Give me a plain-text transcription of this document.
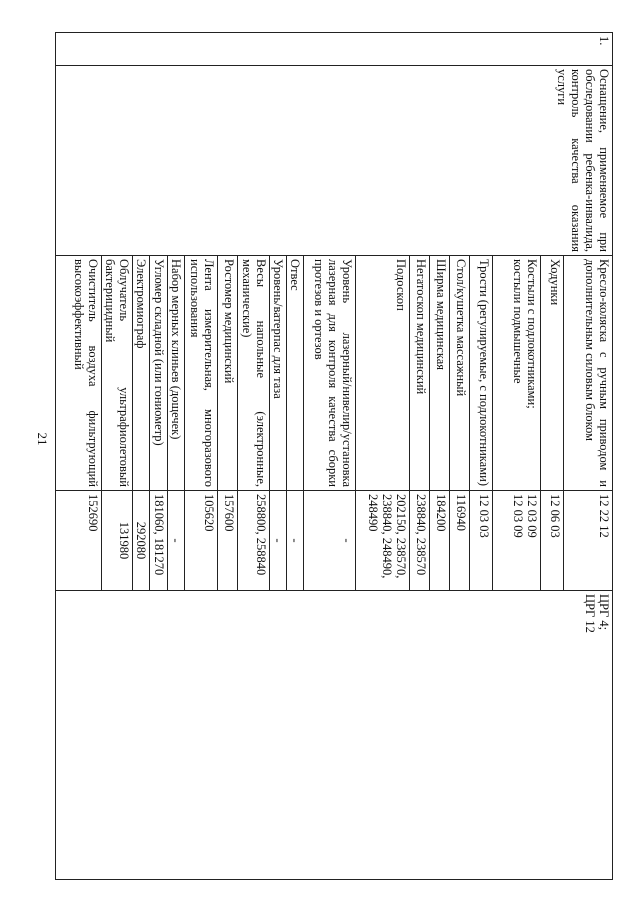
21
1.	Оснащение, применяемое при обследовании ребенка-инвалида, контроль качества оказания услуги	Кресло-коляска с ручным приводом и дополнительным силовым блоком	12 22 12	ЦРГ 4;
ЦРГ 12
		Ходунки	12 06 03	
		Костыли с подлокотниками;
костыли подмышечные	12 03 09
12 03 09	
		Трости (регулируемые, с подлокотниками)	12 03 03	
		Стол/кушетка массажный	116940	
		Ширма медицинская	184200	
		Негатоскоп медицинский	238840, 238570	
		Подоскоп	202150, 238570, 238840, 248490, 248490	
		Уровень лазерный/нивелир/установка лазерная для контроля качества сборки протезов и ортезов	-	
		Отвес	-	
		Уровень/ватерпас для таза	-	
		Весы напольные (электронные, механические)	258800, 258840	
		Ростомер медицинский	157600	
		Лента измерительная, многоразового использования	105620	
		Набор мерных клиньев (дощечек)	-	
		Угломер складной (или гониометр)	181060, 181270	
		Электромиограф	292080	
		Облучатель ультрафиолетовый бактерицидный	131980	
		Очиститель воздуха фильтрующий высокоэффективный	152690	
